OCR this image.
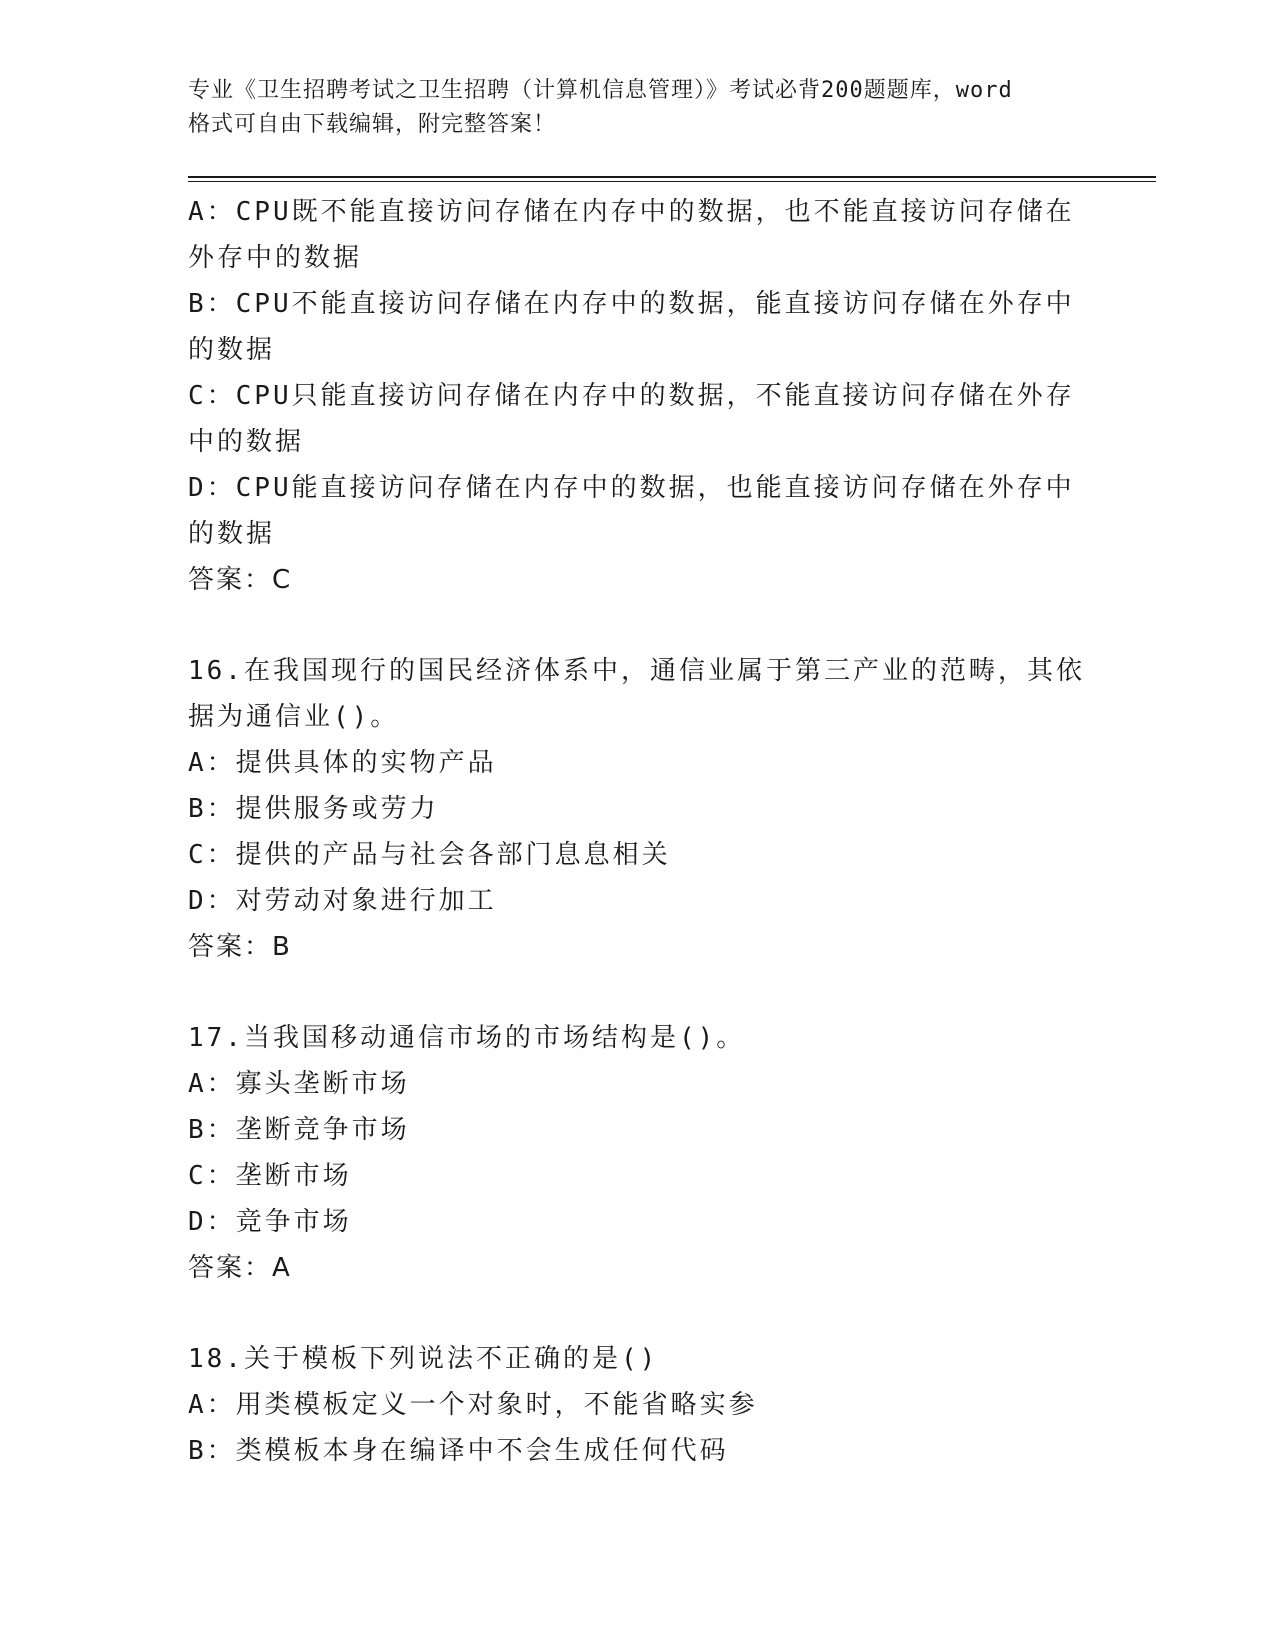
专业《卫生招聘考试之卫生招聘（计算机信息管理）》考试必背200题题库，word
格式可自由下载编辑，附完整答案！
A：CPU既不能直接访问存储在内存中的数据，也不能直接访问存储在
外存中的数据
B：CPU不能直接访问存储在内存中的数据，能直接访问存储在外存中
的数据
C：CPU只能直接访问存储在内存中的数据，不能直接访问存储在外存
中的数据
D：CPU能直接访问存储在内存中的数据，也能直接访问存储在外存中
的数据
答案：C
16.在我国现行的国民经济体系中，通信业属于第三产业的范畴，其依
据为通信业()。
A：提供具体的实物产品
B：提供服务或劳力
C：提供的产品与社会各部门息息相关
D：对劳动对象进行加工
答案：B
17.当我国移动通信市场的市场结构是()。
A：寡头垄断市场
B：垄断竞争市场
C：垄断市场
D：竞争市场
答案：A
18.关于模板下列说法不正确的是()
A：用类模板定义一个对象时，不能省略实参
B：类模板本身在编译中不会生成任何代码
